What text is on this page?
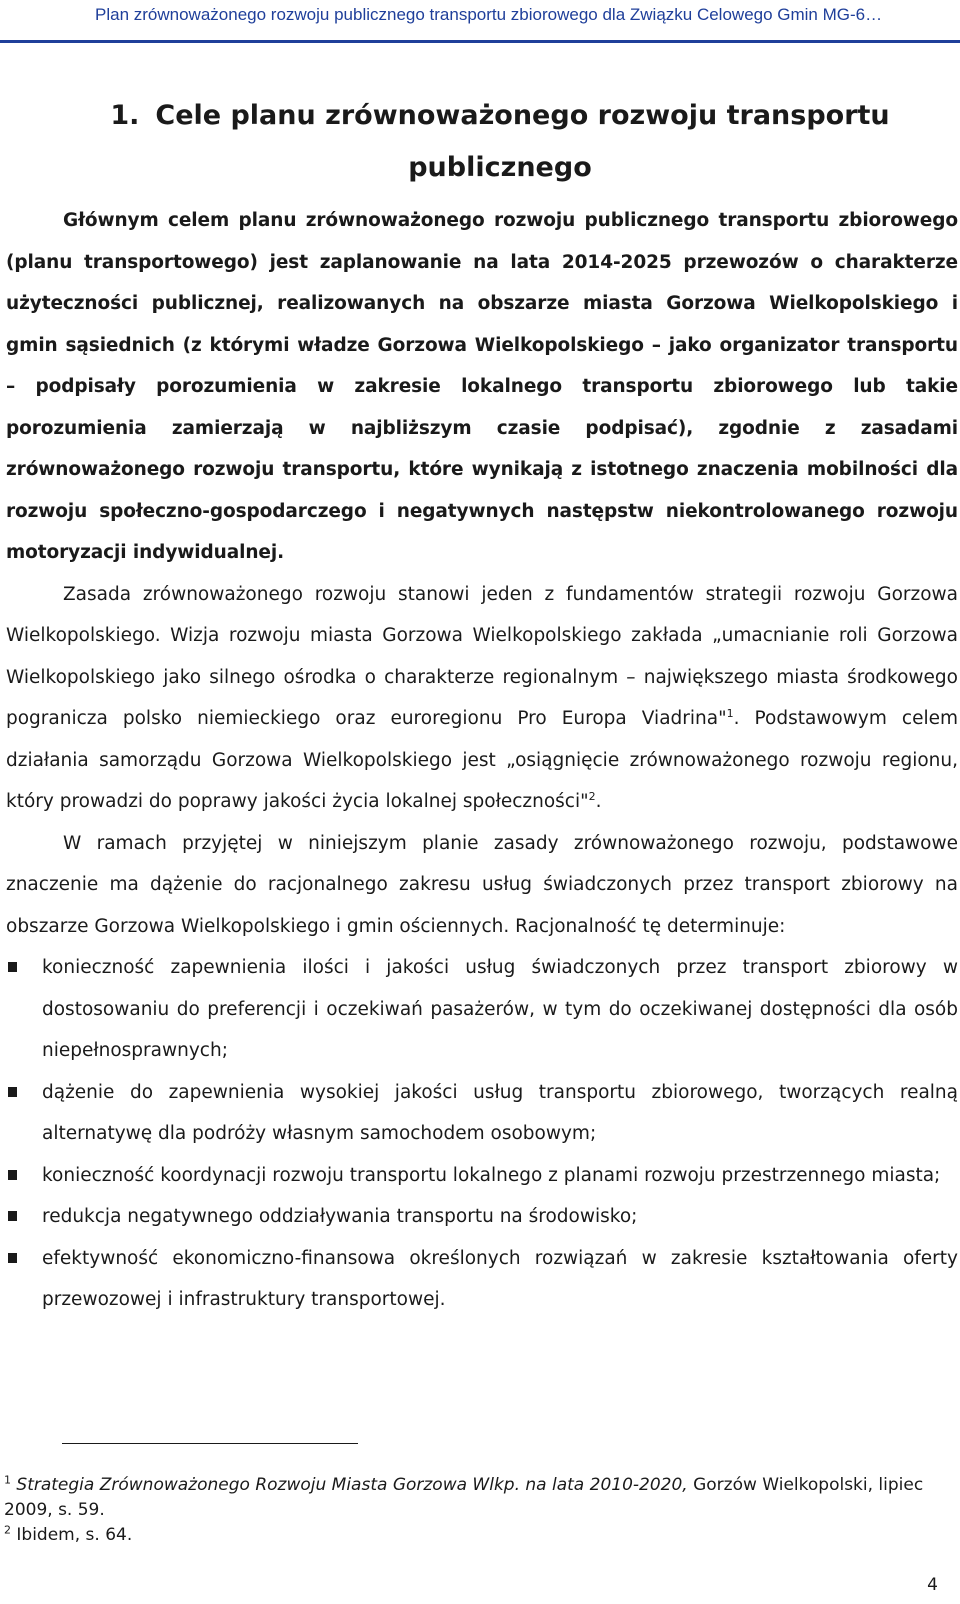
Plan zrównoważonego rozwoju publicznego transportu zbiorowego dla Związku Celowego Gmin MG-6…
1. Cele planu zrównoważonego rozwoju transportu publicznego

Głównym celem planu zrównoważonego rozwoju publicznego transportu zbiorowego (planu transportowego) jest zaplanowanie na lata 2014-2025 przewozów o charakterze użyteczności publicznej, realizowanych na obszarze miasta Gorzowa Wielkopolskiego i gmin sąsiednich (z którymi władze Gorzowa Wielkopolskiego – jako organizator transportu – podpisały porozumienia w zakresie lokalnego transportu zbiorowego lub takie porozumienia zamierzają w najbliższym czasie podpisać), zgodnie z zasadami zrównoważonego rozwoju transportu, które wynikają z istotnego znaczenia mobilności dla rozwoju społeczno-gospodarczego i negatywnych następstw niekontrolowanego rozwoju motoryzacji indywidualnej.

Zasada zrównoważonego rozwoju stanowi jeden z fundamentów strategii rozwoju Gorzowa Wielkopolskiego. Wizja rozwoju miasta Gorzowa Wielkopolskiego zakłada „umacnianie roli Gorzowa Wielkopolskiego jako silnego ośrodka o charakterze regionalnym – największego miasta środkowego pogranicza polsko niemieckiego oraz euroregionu Pro Europa Viadrina"$^1$. Podstawowym celem działania samorządu Gorzowa Wielkopolskiego jest „osiągnięcie zrównoważonego rozwoju regionu, który prowadzi do poprawy jakości życia lokalnej społeczności"$^2$.

W ramach przyjętej w niniejszym planie zasady zrównoważonego rozwoju, podstawowe znaczenie ma dążenie do racjonalnego zakresu usług świadczonych przez transport zbiorowy na obszarze Gorzowa Wielkopolskiego i gmin ościennych. Racjonalność tę determinuje:

konieczność zapewnienia ilości i jakości usług świadczonych przez transport zbiorowy w dostosowaniu do preferencji i oczekiwań pasażerów, w tym do oczekiwanej dostępności dla osób niepełnosprawnych;
dążenie do zapewnienia wysokiej jakości usług transportu zbiorowego, tworzących realną alternatywę dla podróży własnym samochodem osobowym;
konieczność koordynacji rozwoju transportu lokalnego z planami rozwoju przestrzennego miasta;
redukcja negatywnego oddziaływania transportu na środowisko;
efektywność ekonomiczno-finansowa określonych rozwiązań w zakresie kształtowania oferty przewozowej i infrastruktury transportowej.

$^1$ Strategia Zrównoważonego Rozwoju Miasta Gorzowa Wlkp. na lata 2010-2020, Gorzów Wielkopolski, lipiec 2009, s. 59.

$^2$ Ibidem, s. 64.

4
